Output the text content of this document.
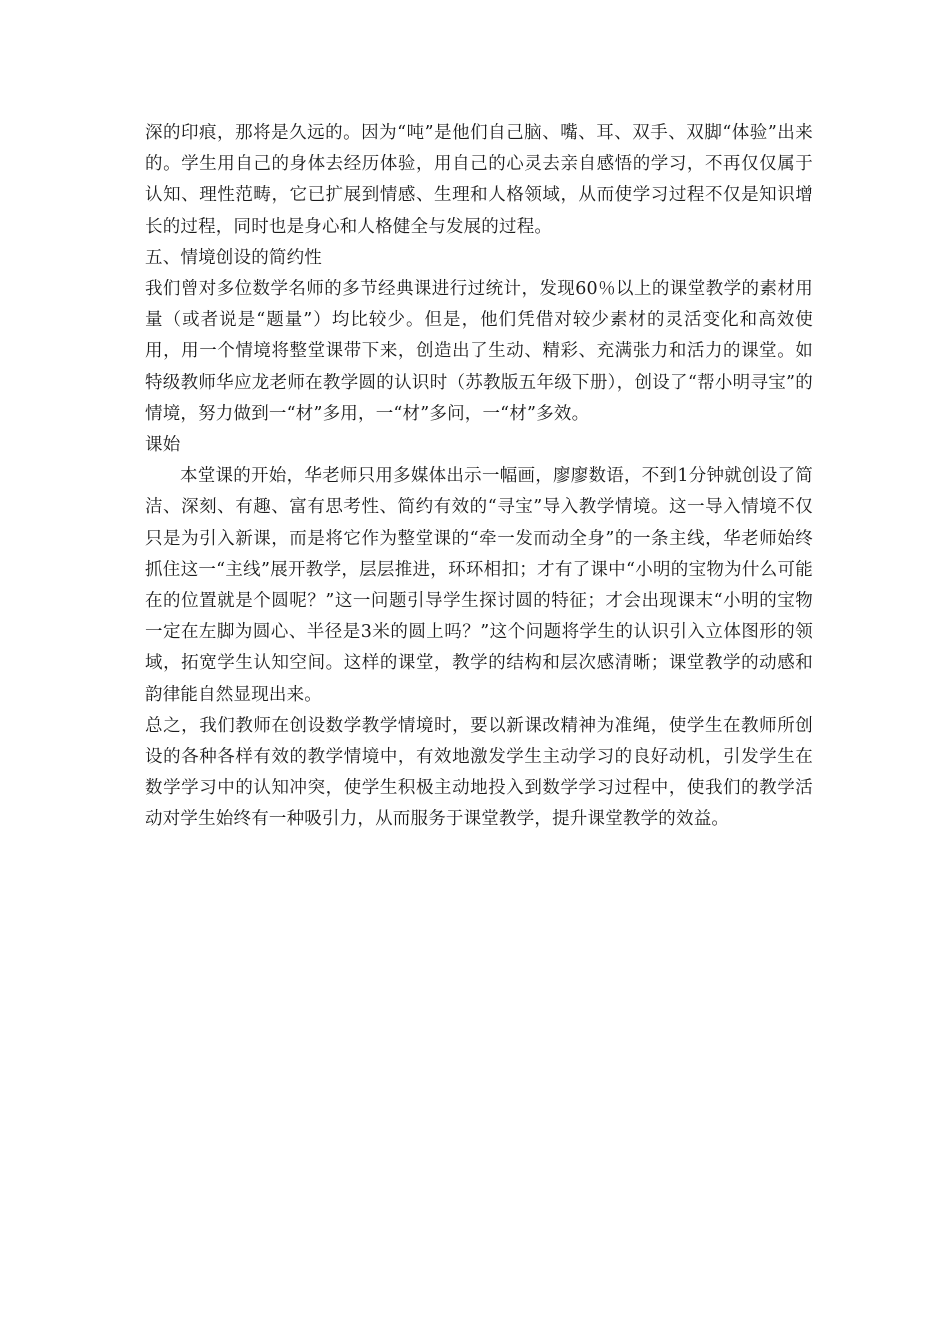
深的印痕，那将是久远的。因为“吨”是他们自己脑、嘴、耳、双手、双脚“体验”出来的。学生用自己的身体去经历体验，用自己的心灵去亲自感悟的学习，不再仅仅属于认知、理性范畴，它已扩展到情感、生理和人格领域，从而使学习过程不仅是知识增长的过程，同时也是身心和人格健全与发展的过程。

五、情境创设的简约性

我们曾对多位数学名师的多节经典课进行过统计，发现60％以上的课堂教学的素材用量（或者说是“题量”）均比较少。但是，他们凭借对较少素材的灵活变化和高效使用，用一个情境将整堂课带下来，创造出了生动、精彩、充满张力和活力的课堂。如特级教师华应龙老师在教学圆的认识时（苏教版五年级下册），创设了“帮小明寻宝”的情境，努力做到一“材”多用，一“材”多问，一“材”多效。

课始

本堂课的开始，华老师只用多媒体出示一幅画，廖廖数语，不到1分钟就创设了简洁、深刻、有趣、富有思考性、简约有效的“寻宝”导入教学情境。这一导入情境不仅只是为引入新课，而是将它作为整堂课的“牵一发而动全身”的一条主线，华老师始终抓住这一“主线”展开教学，层层推进，环环相扣；才有了课中“小明的宝物为什么可能在的位置就是个圆呢？”这一问题引导学生探讨圆的特征；才会出现课末“小明的宝物一定在左脚为圆心、半径是3米的圆上吗？”这个问题将学生的认识引入立体图形的领域，拓宽学生认知空间。这样的课堂，教学的结构和层次感清晰；课堂教学的动感和韵律能自然显现出来。

总之，我们教师在创设数学教学情境时，要以新课改精神为准绳，使学生在教师所创设的各种各样有效的教学情境中，有效地激发学生主动学习的良好动机，引发学生在数学学习中的认知冲突，使学生积极主动地投入到数学学习过程中，使我们的教学活动对学生始终有一种吸引力，从而服务于课堂教学，提升课堂教学的效益。
